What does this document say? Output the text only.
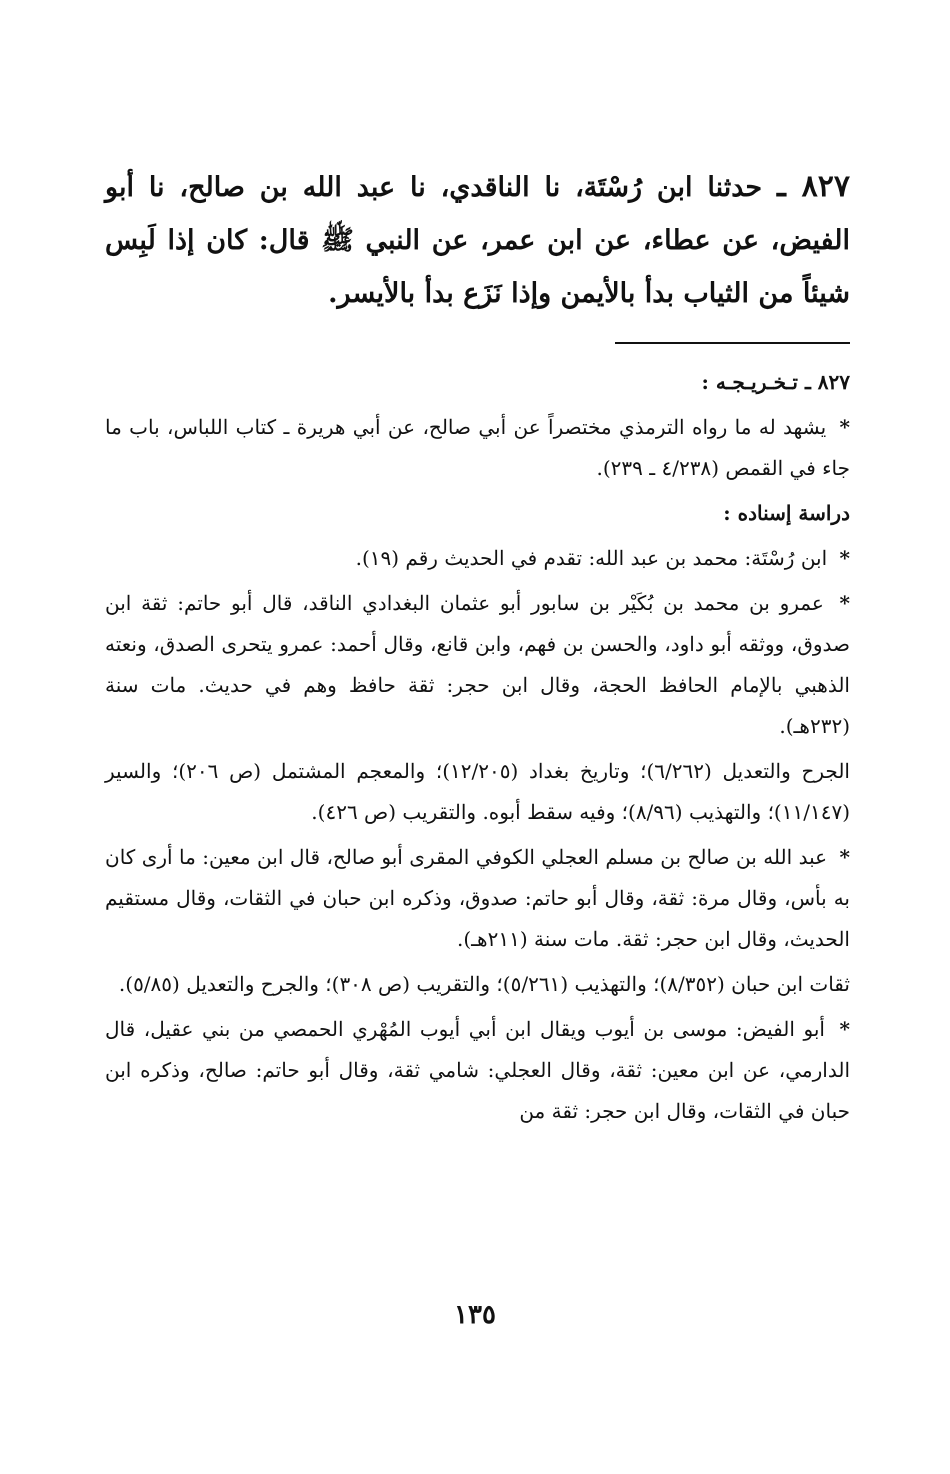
٨٢٧ ـ حدثنا ابن رُسْتَة، نا الناقدي، نا عبد الله بن صالح، نا أبو الفيض، عن عطاء، عن ابن عمر، عن النبي ﷺ قال: كان إذا لَبِس شيئاً من الثياب بدأ بالأيمن وإذا نَزَع بدأ بالأيسر.

٨٢٧ ـ تـخـريـجـه :

* يشهد له ما رواه الترمذي مختصراً عن أبي صالح، عن أبي هريرة ـ كتاب اللباس، باب ما جاء في القمص (٤/٢٣٨ ـ ٢٣٩).

دراسة إسناده :

* ابن رُسْتَة: محمد بن عبد الله: تقدم في الحديث رقم (١٩).

* عمرو بن محمد بن بُكَيْر بن سابور أبو عثمان البغدادي الناقد، قال أبو حاتم: ثقة ابن صدوق، ووثقه أبو داود، والحسن بن فهم، وابن قانع، وقال أحمد: عمرو يتحرى الصدق، ونعته الذهبي بالإمام الحافظ الحجة، وقال ابن حجر: ثقة حافظ وهم في حديث. مات سنة (٢٣٢هـ).

الجرح والتعديل (٦/٢٦٢)؛ وتاريخ بغداد (١٢/٢٠٥)؛ والمعجم المشتمل (ص ٢٠٦)؛ والسير (١١/١٤٧)؛ والتهذيب (٨/٩٦)؛ وفيه سقط أبوه. والتقريب (ص ٤٢٦).

* عبد الله بن صالح بن مسلم العجلي الكوفي المقرى أبو صالح، قال ابن معين: ما أرى كان به بأس، وقال مرة: ثقة، وقال أبو حاتم: صدوق، وذكره ابن حبان في الثقات، وقال مستقيم الحديث، وقال ابن حجر: ثقة. مات سنة (٢١١هـ).

ثقات ابن حبان (٨/٣٥٢)؛ والتهذيب (٥/٢٦١)؛ والتقريب (ص ٣٠٨)؛ والجرح والتعديل (٥/٨٥).

* أبو الفيض: موسى بن أيوب ويقال ابن أبي أيوب المُهْري الحمصي من بني عقيل، قال الدارمي، عن ابن معين: ثقة، وقال العجلي: شامي ثقة، وقال أبو حاتم: صالح، وذكره ابن حبان في الثقات، وقال ابن حجر: ثقة من

١٣٥
